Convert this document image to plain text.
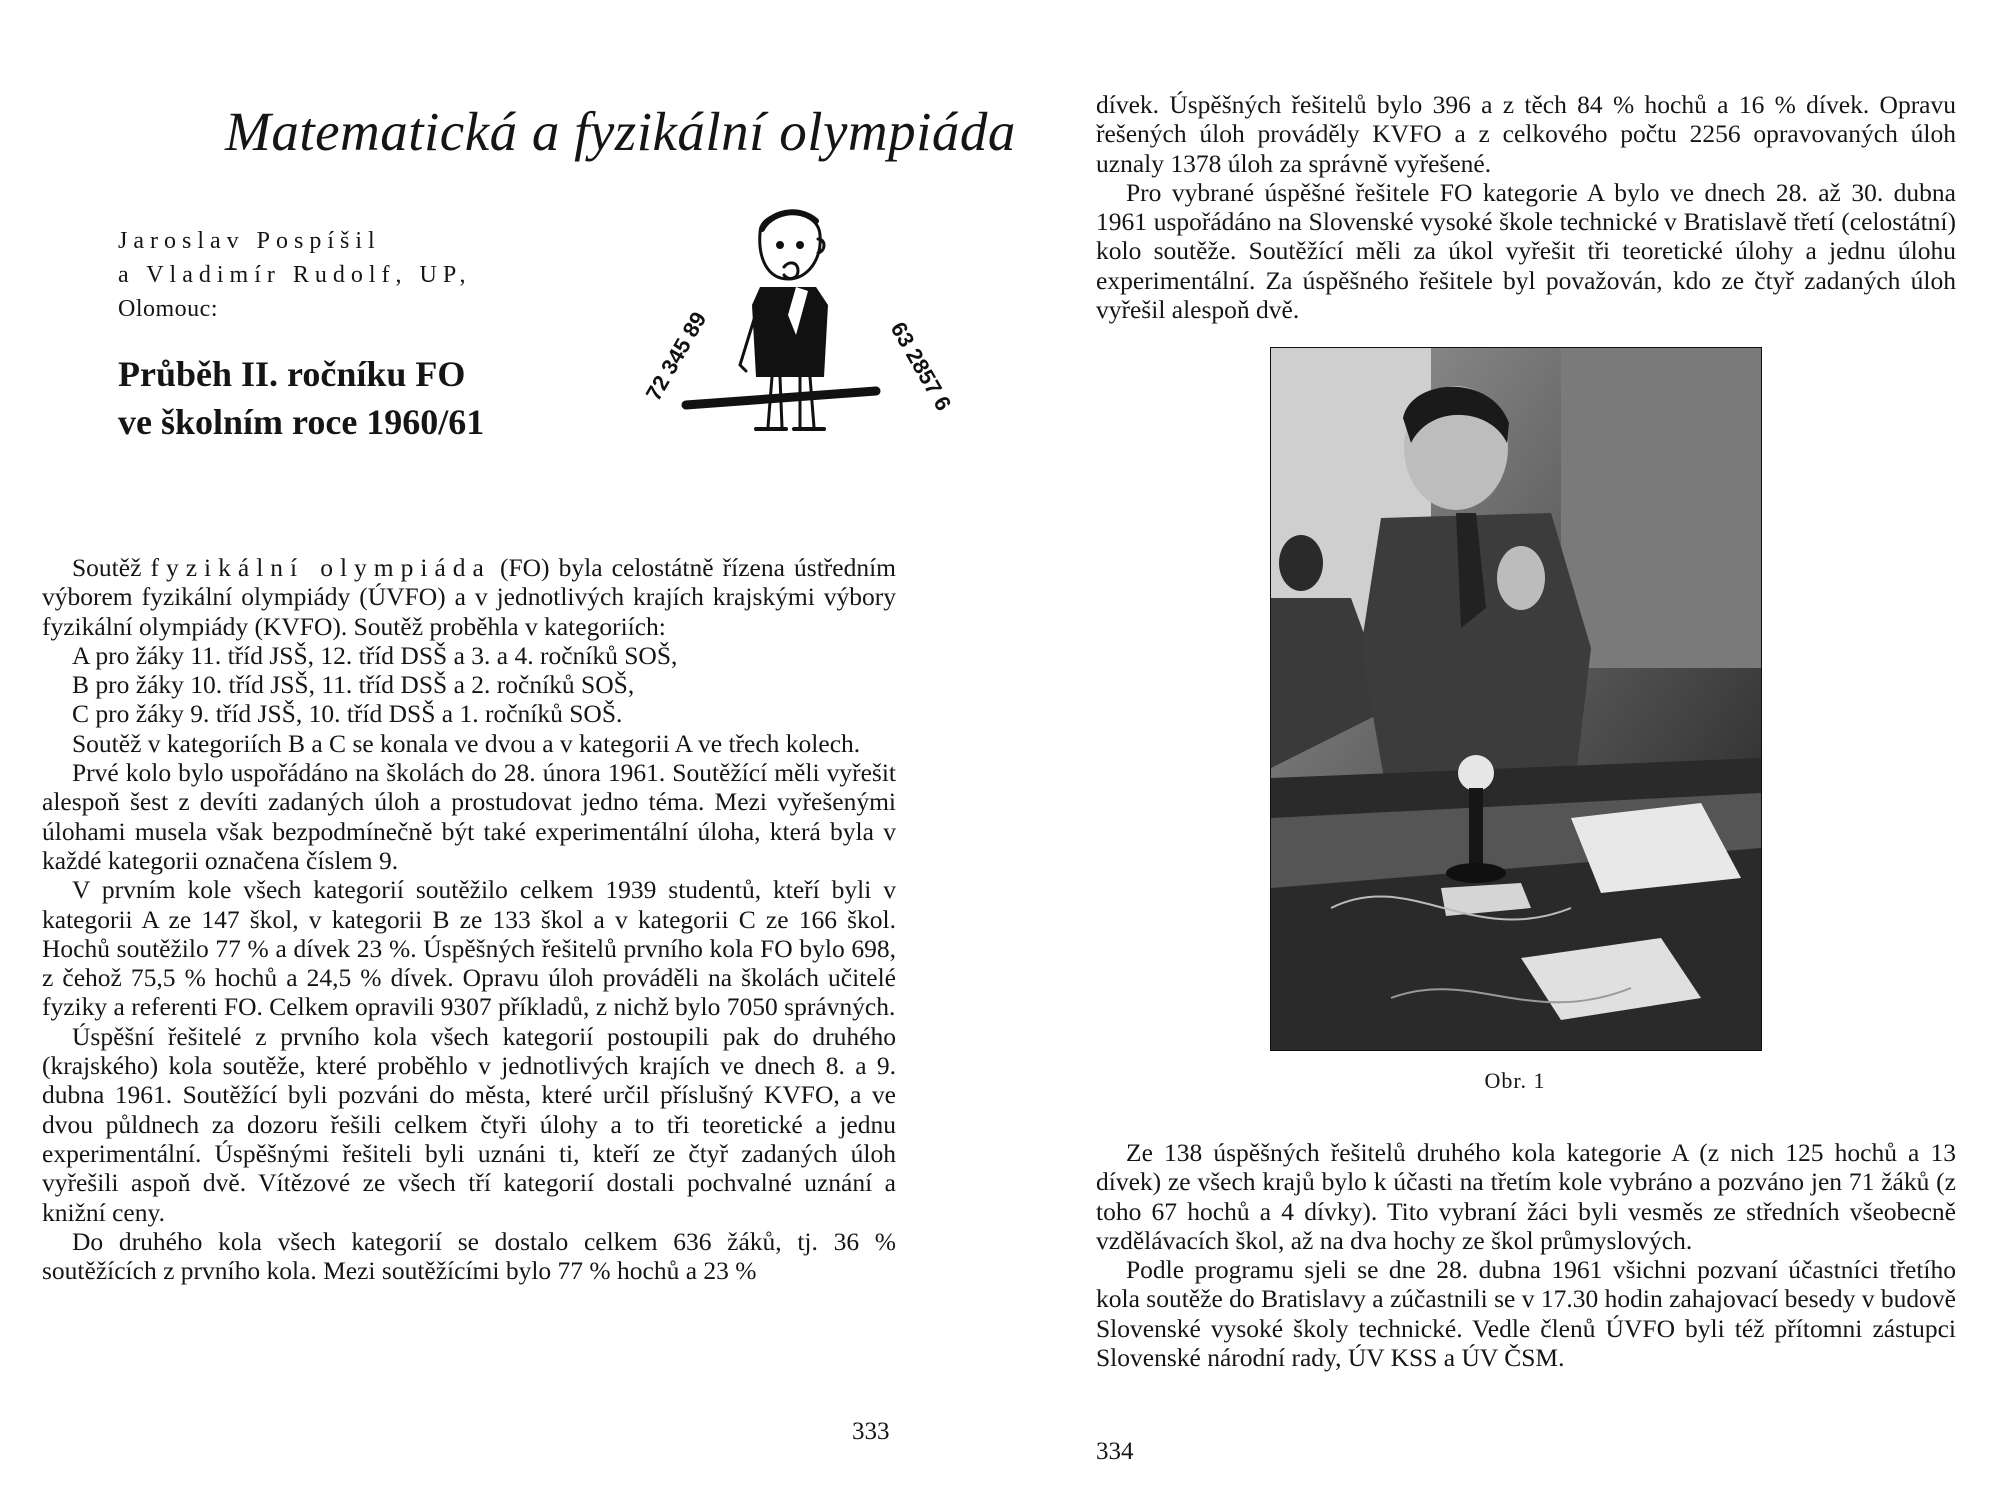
Matematická a fyzikální olympiáda
Jaroslav Pospíšil
a Vladimír Rudolf, UP,
Olomouc:
Průběh II. ročníku FO
ve školním roce 1960/61
72 345 89	63 2857 6

Soutěž fyzikální olympiáda (FO) byla celostátně řízena ústředním výborem fyzikální olympiády (ÚVFO) a v jednotlivých krajích krajskými výbory fyzikální olympiády (KVFO). Soutěž proběhla v kategoriích:

A pro žáky 11. tříd JSŠ, 12. tříd DSŠ a 3. a 4. ročníků SOŠ,

B pro žáky 10. tříd JSŠ, 11. tříd DSŠ a 2. ročníků SOŠ,

C pro žáky 9. tříd JSŠ, 10. tříd DSŠ a 1. ročníků SOŠ.

Soutěž v kategoriích B a C se konala ve dvou a v kategorii A ve třech kolech.

Prvé kolo bylo uspořádáno na školách do 28. února 1961. Soutěžící měli vyřešit alespoň šest z devíti zadaných úloh a prostudovat jedno téma. Mezi vyřešenými úlohami musela však bezpodmínečně být také experimentální úloha, která byla v každé kategorii označena číslem 9.

V prvním kole všech kategorií soutěžilo celkem 1939 studentů, kteří byli v kategorii A ze 147 škol, v kategorii B ze 133 škol a v kategorii C ze 166 škol. Hochů soutěžilo 77 % a dívek 23 %. Úspěšných řešitelů prvního kola FO bylo 698, z čehož 75,5 % hochů a 24,5 % dívek. Opravu úloh prováděli na školách učitelé fyziky a referenti FO. Celkem opravili 9307 příkladů, z nichž bylo 7050 správných.

Úspěšní řešitelé z prvního kola všech kategorií postoupili pak do druhého (krajského) kola soutěže, které proběhlo v jednotlivých krajích ve dnech 8. a 9. dubna 1961. Soutěžící byli pozváni do města, které určil příslušný KVFO, a ve dvou půldnech za dozoru řešili celkem čtyři úlohy a to tři teoretické a jednu experimentální. Úspěšnými řešiteli byli uznáni ti, kteří ze čtyř zadaných úloh vyřešili aspoň dvě. Vítězové ze všech tří kategorií dostali pochvalné uznání a knižní ceny.

Do druhého kola všech kategorií se dostalo celkem 636 žáků, tj. 36 % soutěžících z prvního kola. Mezi soutěžícími bylo 77 % hochů a 23 %

333

dívek. Úspěšných řešitelů bylo 396 a z těch 84 % hochů a 16 % dívek. Opravu řešených úloh prováděly KVFO a z celkového počtu 2256 opravovaných úloh uznaly 1378 úloh za správně vyřešené.

Pro vybrané úspěšné řešitele FO kategorie A bylo ve dnech 28. až 30. dubna 1961 uspořádáno na Slovenské vysoké škole technické v Bratislavě třetí (celostátní) kolo soutěže. Soutěžící měli za úkol vyřešit tři teoretické úlohy a jednu úlohu experimentální. Za úspěšného řešitele byl považován, kdo ze čtyř zadaných úloh vyřešil alespoň dvě.

Obr. 1

Ze 138 úspěšných řešitelů druhého kola kategorie A (z nich 125 hochů a 13 dívek) ze všech krajů bylo k účasti na třetím kole vybráno a pozváno jen 71 žáků (z toho 67 hochů a 4 dívky). Tito vybraní žáci byli vesměs ze středních všeobecně vzdělávacích škol, až na dva hochy ze škol průmyslových.

Podle programu sjeli se dne 28. dubna 1961 všichni pozvaní účastníci třetího kola soutěže do Bratislavy a zúčastnili se v 17.30 hodin zahajovací besedy v budově Slovenské vysoké školy technické. Vedle členů ÚVFO byli též přítomni zástupci Slovenské národní rady, ÚV KSS a ÚV ČSM.

334
